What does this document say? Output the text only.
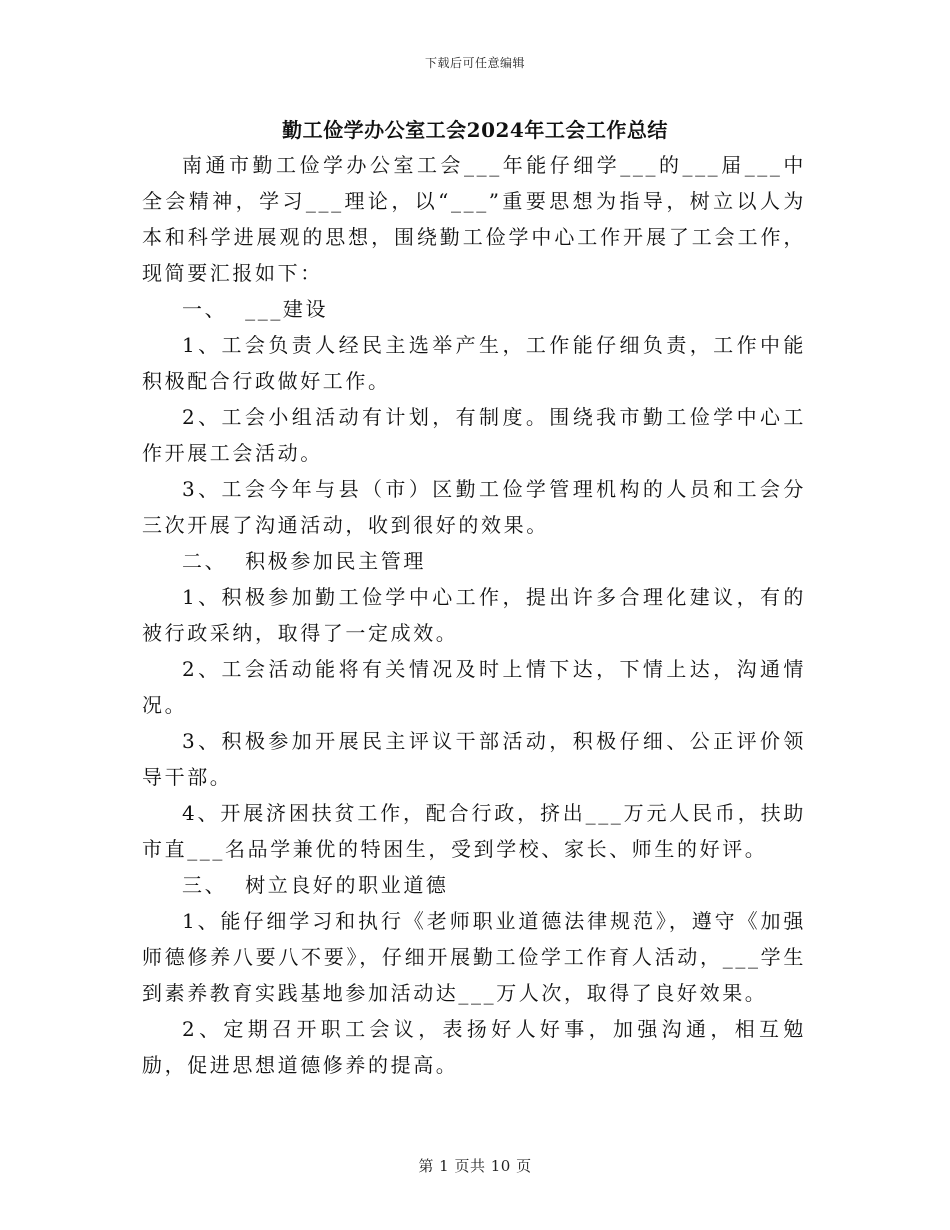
下载后可任意编辑
勤工俭学办公室工会2024年工会工作总结

南通市勤工俭学办公室工会___年能仔细学___的___届___中全会精神，学习___理论，以“___”重要思想为指导，树立以人为本和科学进展观的思想，围绕勤工俭学中心工作开展了工会工作，现简要汇报如下：

一、  ___建设

1、工会负责人经民主选举产生，工作能仔细负责，工作中能积极配合行政做好工作。

2、工会小组活动有计划，有制度。围绕我市勤工俭学中心工作开展工会活动。

3、工会今年与县（市）区勤工俭学管理机构的人员和工会分三次开展了沟通活动，收到很好的效果。

二、  积极参加民主管理

1、积极参加勤工俭学中心工作，提出许多合理化建议，有的被行政采纳，取得了一定成效。

2、工会活动能将有关情况及时上情下达，下情上达，沟通情况。

3、积极参加开展民主评议干部活动，积极仔细、公正评价领导干部。

4、开展济困扶贫工作，配合行政，挤出___万元人民币，扶助市直___名品学兼优的特困生，受到学校、家长、师生的好评。

三、  树立良好的职业道德

1、能仔细学习和执行《老师职业道德法律规范》，遵守《加强师德修养八要八不要》，仔细开展勤工俭学工作育人活动，___学生到素养教育实践基地参加活动达___万人次，取得了良好效果。

2、定期召开职工会议，表扬好人好事，加强沟通，相互勉励，促进思想道德修养的提高。

第 1 页共 10 页
